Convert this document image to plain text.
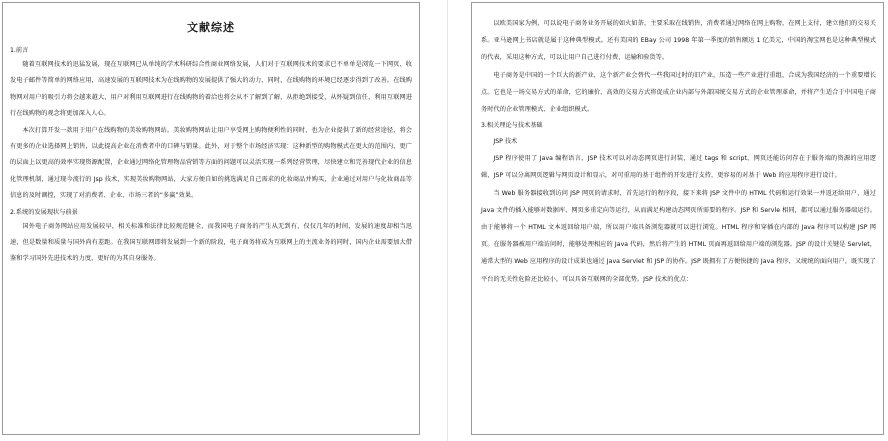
文献综述
1.前言

随着互联网技术的迅猛发展，现在互联网已从单纯的学术科研综合性商业网络发展，人们对于互联网技术的要求已不单单是浏览一下网页、收发电子邮件等简单的网络应用，高速发展的互联网技术为在线购物的发展提供了强大的动力，同时，在线购物的环境已经逐步得到了改善。在线购物网对用户的吸引力将会越来越大，用户对利用互联网进行在线购物的着洽也将会从不了解到了解，从拒绝到接受，从怀疑到信任，利用互联网进行在线购物的观念将更加深入人心。

本次打算开发一款用于用户在线购物的美妆购物网站。美妆购物网站让用户享受网上购物便利性的同时，也为企业提供了新的经营途径，将会有更多的企业选择网上销售，以此提高企业在消费者中的口碑与销量。此外，对于整个市场经济实现：这种新型的购物模式在更大的范围内、更广的层面上以更高的效率实现资源配置，企业通过网络化管理物品营销等方面的问题可以灵活实现一系列经营管理，尽快建立和完善现代企业的信息化管理机制，通过现今流行的 Jsp 技术，实现美妆购物网站，大家方便自如的挑选满足自己需求的化妆商品并购买，企业通过对用户与化妆商品等信息的及时调控，实现了对消费者、企业、市场三者的“多赢”效果。

2.系统的发展现状与前景

国外电子商务网站应用发展较早，相关标准和法律比较规范健全，而我国电子商务的产生从无到有，仅仅几年的时间，发展的速度却相当迅速，但是数量和质量与国外尚有差距。在我国互联网即将发展到一个新的阶段，电子商务将成为互联网上的主流业务的同时，国内企业需要加大借鉴和学习国外先进技术的力度，更好的为其自身服务。

以欧美国家为例，可以说电子商务业务开展的如火如荼，主要采取在线销售，消费者通过网络在网上购物，在网上支付，建立他们的交易关系。亚马逊网上书店就是属于这种典型模式。还有美国的 EBay 公司 1998 年第一季度的销售额达 1 亿美元，中国的淘宝网也是这种典型模式的代表，采用这种方式，可以让用户自己进行付费、运输和验货等。

电子商务是中国的一个巨大的新产业，这个新产业会替代一些我国过时的旧产业，压造一些产业进行重组，合成为我国经济的一个重要增长点。它也是一场交易方式的革命，它的廉价、高效的交易方式将促成企业内部与外部国统交易方式的企业管理革命，并将产生适合于中国电子商务时代的企业管理模式、企业组织模式。

3.相关理论与技术基础
JSP 技术

JSP 程序使用了 Java 编程语言，JSP 技术可以对动态网页进行封装，通过 tags 和 script，网页还能访问存在于服务端的资源的应用逻辑，JSP 可以分离网页逻辑与网页设计和显示，对可重用的基于组件的开发进行支持，更容易的对基于 Web 的应用程序进行设计。

当 Web 服务器接收到访问 JSP 网页的请求时，首先运行的程序段，接下来将 JSP 文件中的 HTML 代码和运行效果一并返还给用户，通过 Java 文件的插入能够对数据库、网页多重定向等运行，从而满足构建动态网页所需要的程序。JSP 和 Servle 相同，都可以通过服务器端运行。由于能够将一个 HTML 文本返回给用户端，所以用户端具备浏览器就可以进行浏览。HTML 程序和穿插在内部的 Java 程序可以构建 JSP 网页。在服务器被用户端访问时，能够处理相应的 Java 代码，然后将产生的 HTML 页面再返回给用户端的浏览器。JSP 的设计关键是 Servlet，通常大型的 Web 应用程序的设计成果也通过 Java Servlet 和 JSP 的协作。JSP 既拥有了方便快捷的 Java 程序，又统统的面向用户，既实现了平台的无关性危险还比较小，可以具备互联网的全部优势。JSP 技术的优点：
